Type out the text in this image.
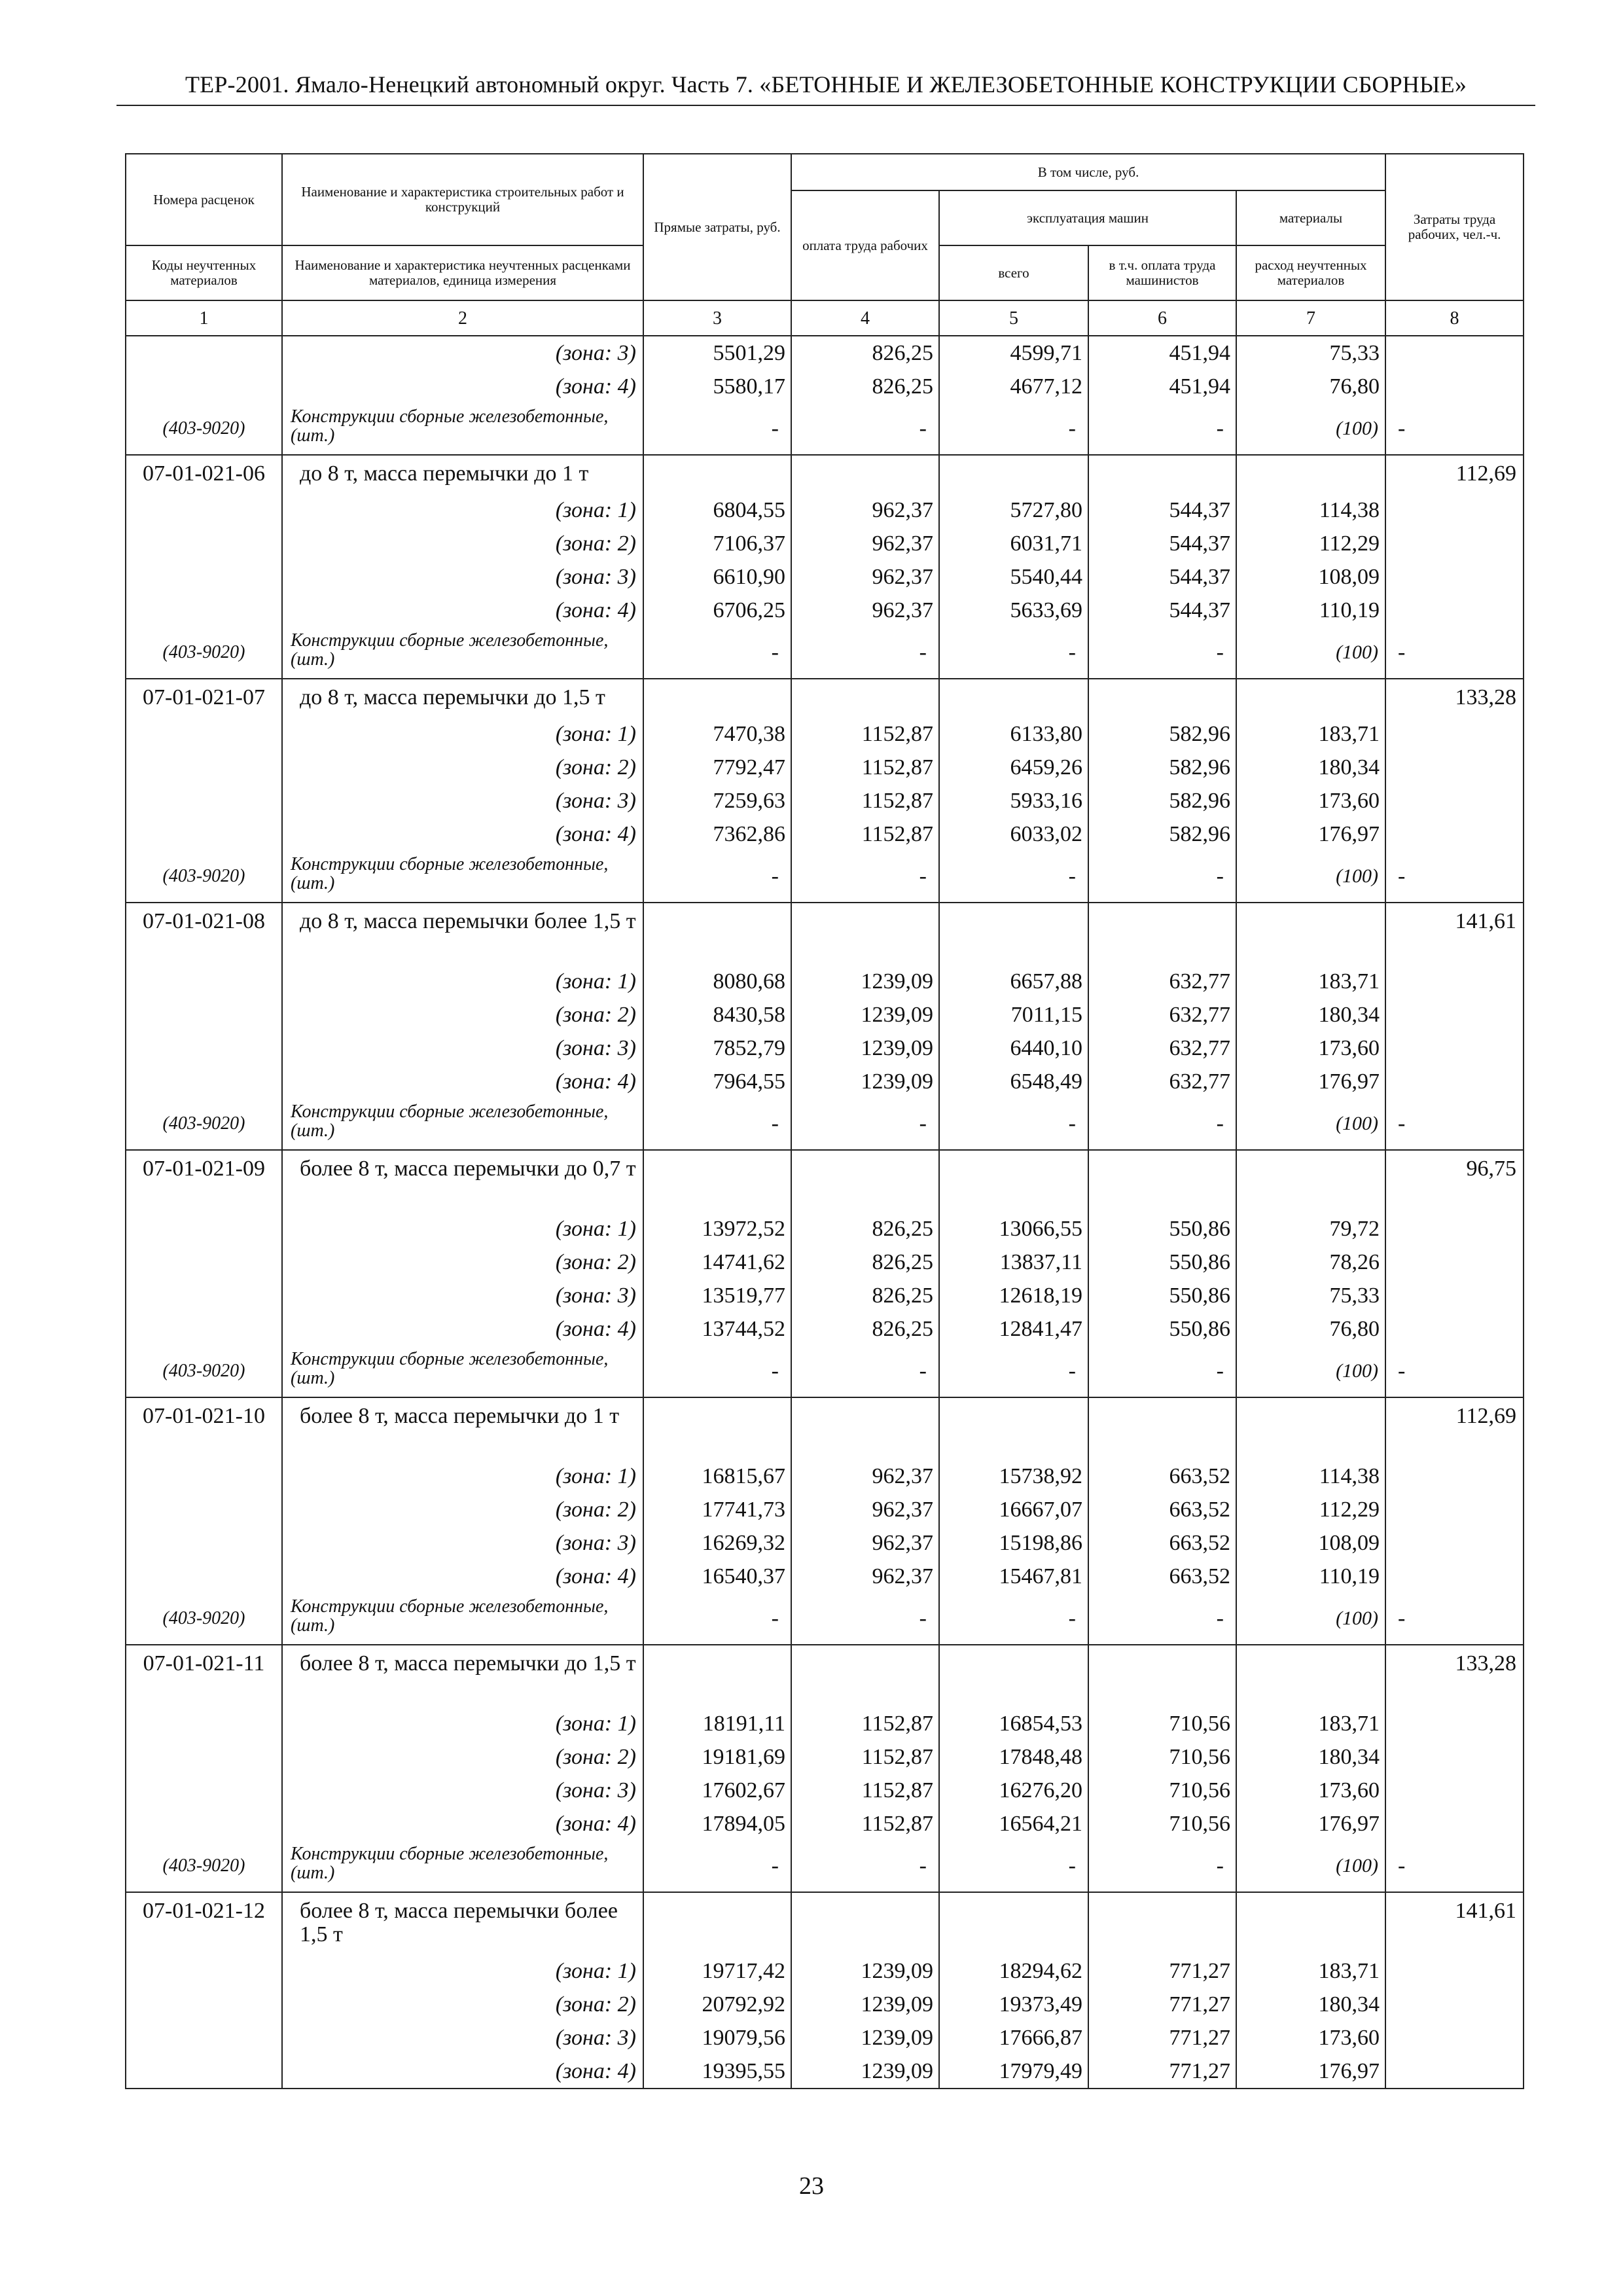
ТЕР-2001. Ямало-Ненецкий автономный округ. Часть 7. «БЕТОННЫЕ И ЖЕЛЕЗОБЕТОННЫЕ КОНСТРУКЦИИ СБОРНЫЕ»
Номера расценок	Наименование и характеристика строительных работ и конструкций	Прямые затраты, руб.	В том числе, руб.				Затраты труда рабочих, чел.-ч.
			оплата труда рабочих	эксплуатация машин		материалы	
Коды неучтенных материалов	Наименование и характеристика неучтенных расценками материалов, единица измерения			всего	в т.ч. оплата труда машинистов	расход неучтенных материалов	
1	2	3	4	5	6	7	8
	(зона: 3)	5501,29	826,25	4599,71	451,94	75,33	
	(зона: 4)	5580,17	826,25	4677,12	451,94	76,80	
(403-9020)	Конструкции сборные железобетонные, (шт.)	-	-	-	-	(100)	-
07-01-021-06	до 8 т, масса перемычки до 1 т						112,69
	(зона: 1)	6804,55	962,37	5727,80	544,37	114,38	
	(зона: 2)	7106,37	962,37	6031,71	544,37	112,29	
	(зона: 3)	6610,90	962,37	5540,44	544,37	108,09	
	(зона: 4)	6706,25	962,37	5633,69	544,37	110,19	
(403-9020)	Конструкции сборные железобетонные, (шт.)	-	-	-	-	(100)	-
07-01-021-07	до 8 т, масса перемычки до 1,5 т						133,28
	(зона: 1)	7470,38	1152,87	6133,80	582,96	183,71	
	(зона: 2)	7792,47	1152,87	6459,26	582,96	180,34	
	(зона: 3)	7259,63	1152,87	5933,16	582,96	173,60	
	(зона: 4)	7362,86	1152,87	6033,02	582,96	176,97	
(403-9020)	Конструкции сборные железобетонные, (шт.)	-	-	-	-	(100)	-
07-01-021-08	до 8 т, масса перемычки более 1,5 т						141,61
	(зона: 1)	8080,68	1239,09	6657,88	632,77	183,71	
	(зона: 2)	8430,58	1239,09	7011,15	632,77	180,34	
	(зона: 3)	7852,79	1239,09	6440,10	632,77	173,60	
	(зона: 4)	7964,55	1239,09	6548,49	632,77	176,97	
(403-9020)	Конструкции сборные железобетонные, (шт.)	-	-	-	-	(100)	-
07-01-021-09	более 8 т, масса перемычки до 0,7 т						96,75
	(зона: 1)	13972,52	826,25	13066,55	550,86	79,72	
	(зона: 2)	14741,62	826,25	13837,11	550,86	78,26	
	(зона: 3)	13519,77	826,25	12618,19	550,86	75,33	
	(зона: 4)	13744,52	826,25	12841,47	550,86	76,80	
(403-9020)	Конструкции сборные железобетонные, (шт.)	-	-	-	-	(100)	-
07-01-021-10	более 8 т, масса перемычки до 1 т						112,69
	(зона: 1)	16815,67	962,37	15738,92	663,52	114,38	
	(зона: 2)	17741,73	962,37	16667,07	663,52	112,29	
	(зона: 3)	16269,32	962,37	15198,86	663,52	108,09	
	(зона: 4)	16540,37	962,37	15467,81	663,52	110,19	
(403-9020)	Конструкции сборные железобетонные, (шт.)	-	-	-	-	(100)	-
07-01-021-11	более 8 т, масса перемычки до 1,5 т						133,28
	(зона: 1)	18191,11	1152,87	16854,53	710,56	183,71	
	(зона: 2)	19181,69	1152,87	17848,48	710,56	180,34	
	(зона: 3)	17602,67	1152,87	16276,20	710,56	173,60	
	(зона: 4)	17894,05	1152,87	16564,21	710,56	176,97	
(403-9020)	Конструкции сборные железобетонные, (шт.)	-	-	-	-	(100)	-
07-01-021-12	более 8 т, масса перемычки более 1,5 т						141,61
	(зона: 1)	19717,42	1239,09	18294,62	771,27	183,71	
	(зона: 2)	20792,92	1239,09	19373,49	771,27	180,34	
	(зона: 3)	19079,56	1239,09	17666,87	771,27	173,60	
	(зона: 4)	19395,55	1239,09	17979,49	771,27	176,97	
23
